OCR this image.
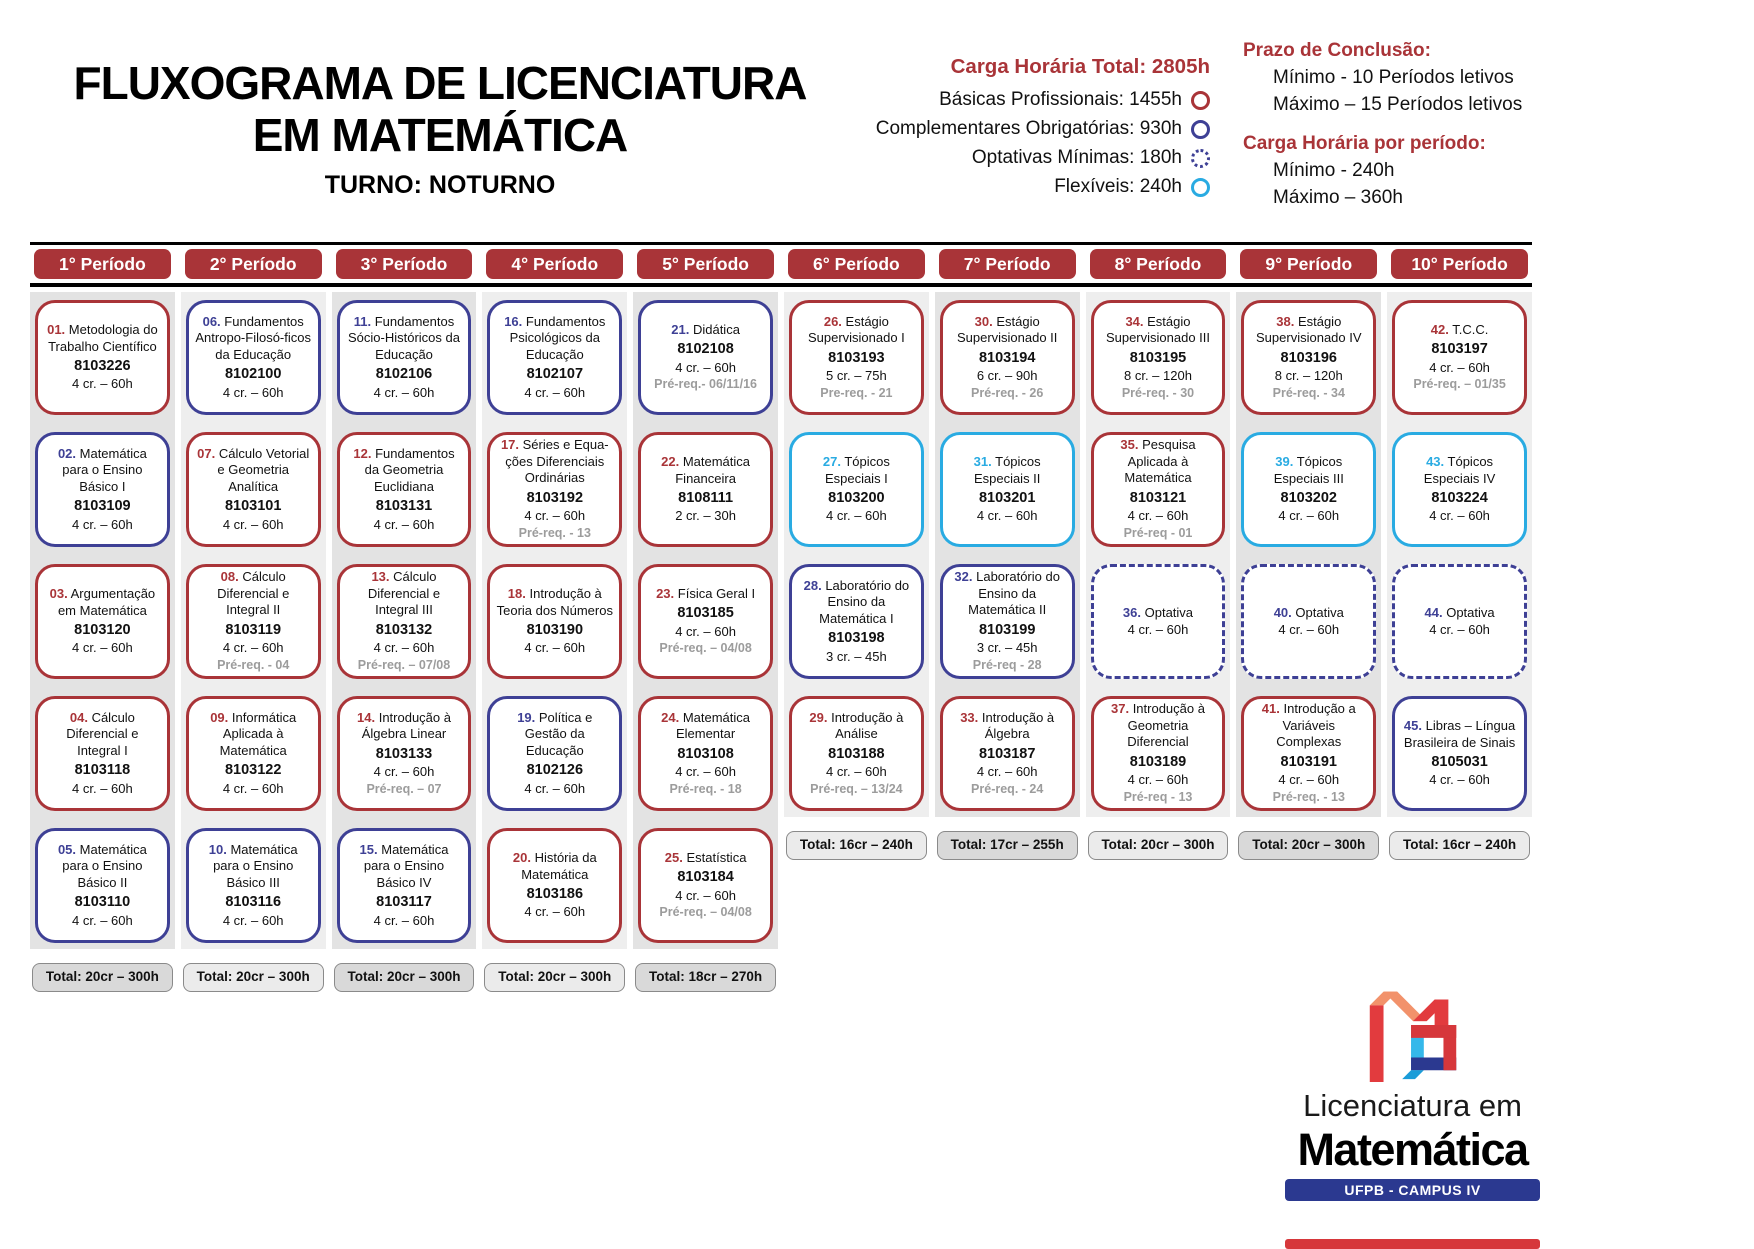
FLUXOGRAMA DE LICENCIATURA EM MATEMÁTICA
TURNO: NOTURNO
Carga Horária Total: 2805h
Básicas Profissionais: 1455h
Complementares Obrigatórias: 930h
Optativas Mínimas: 180h
Flexíveis: 240h
Prazo de Conclusão:
Mínimo - 10 Períodos letivos
Máximo – 15 Períodos letivos
Carga Horária por período:
Mínimo - 240h
Máximo – 360h
1° Período
01. Metodologia do Trabalho Científico
8103226
4 cr. – 60h
02. Matemática para o Ensino Básico I
8103109
4 cr. – 60h
03. Argumentação em Matemática
8103120
4 cr. – 60h
04. Cálculo Diferencial e Integral I
8103118
4 cr. – 60h
05. Matemática para o Ensino Básico II
8103110
4 cr. – 60h
Total: 20cr – 300h
2° Período
06. Fundamentos Antropo-Filosó-ficos da Educação
8102100
4 cr. – 60h
07. Cálculo Vetorial e Geometria Analítica
8103101
4 cr. – 60h
08. Cálculo Diferencial e Integral II
8103119
4 cr. – 60h
Pré-req. - 04
09. Informática Aplicada à Matemática
8103122
4 cr. – 60h
10. Matemática para o Ensino Básico III
8103116
4 cr. – 60h
Total: 20cr – 300h
3° Período
11. Fundamentos Sócio-Históricos da Educação
8102106
4 cr. – 60h
12. Fundamentos da Geometria Euclidiana
8103131
4 cr. – 60h
13. Cálculo Diferencial e Integral III
8103132
4 cr. – 60h
Pré-req. – 07/08
14. Introdução à Álgebra Linear
8103133
4 cr. – 60h
Pré-req. – 07
15. Matemática para o Ensino Básico IV
8103117
4 cr. – 60h
Total: 20cr – 300h
4° Período
16. Fundamentos Psicológicos da Educação
8102107
4 cr. – 60h
17. Séries e Equa-ções Diferenciais Ordinárias
8103192
4 cr. – 60h
Pré-req. - 13
18. Introdução à Teoria dos Números
8103190
4 cr. – 60h
19. Política e Gestão da Educação
8102126
4 cr. – 60h
20. História da Matemática
8103186
4 cr. – 60h
Total: 20cr – 300h
5° Período
21. Didática
8102108
4 cr. – 60h
Pré-req.- 06/11/16
22. Matemática Financeira
8108111
2 cr. – 30h
23. Física Geral I
8103185
4 cr. – 60h
Pré-req. – 04/08
24. Matemática Elementar
8103108
4 cr. – 60h
Pré-req. - 18
25. Estatística
8103184
4 cr. – 60h
Pré-req. – 04/08
Total: 18cr – 270h
6° Período
26. Estágio Supervisionado I
8103193
5 cr. – 75h
Pre-req. - 21
27. Tópicos Especiais I
8103200
4 cr. – 60h
28. Laboratório do Ensino da Matemática I
8103198
3 cr. – 45h
29. Introdução à Análise
8103188
4 cr. – 60h
Pré-req. – 13/24
Total: 16cr – 240h
7° Período
30. Estágio Supervisionado II
8103194
6 cr. – 90h
Pré-req. - 26
31. Tópicos Especiais II
8103201
4 cr. – 60h
32. Laboratório do Ensino da Matemática II
8103199
3 cr. – 45h
Pré-req - 28
33. Introdução à Álgebra
8103187
4 cr. – 60h
Pré-req. - 24
Total: 17cr – 255h
8° Período
34. Estágio Supervisionado III
8103195
8 cr. – 120h
Pré-req. - 30
35. Pesquisa Aplicada à Matemática
8103121
4 cr. – 60h
Pré-req - 01
36. Optativa
4 cr. – 60h
37. Introdução à Geometria Diferencial
8103189
4 cr. – 60h
Pré-req - 13
Total: 20cr – 300h
9° Período
38. Estágio Supervisionado IV
8103196
8 cr. – 120h
Pré-req. - 34
39. Tópicos Especiais III
8103202
4 cr. – 60h
40. Optativa
4 cr. – 60h
41. Introdução a Variáveis Complexas
8103191
4 cr. – 60h
Pré-req. - 13
Total: 20cr – 300h
10° Período
42. T.C.C.
8103197
4 cr. – 60h
Pré-req. – 01/35
43. Tópicos Especiais IV
8103224
4 cr. – 60h
44. Optativa
4 cr. – 60h
45. Libras – Língua Brasileira de Sinais
8105031
4 cr. – 60h
Total: 16cr – 240h
Licenciatura em
Matemática
UFPB - CAMPUS IV
